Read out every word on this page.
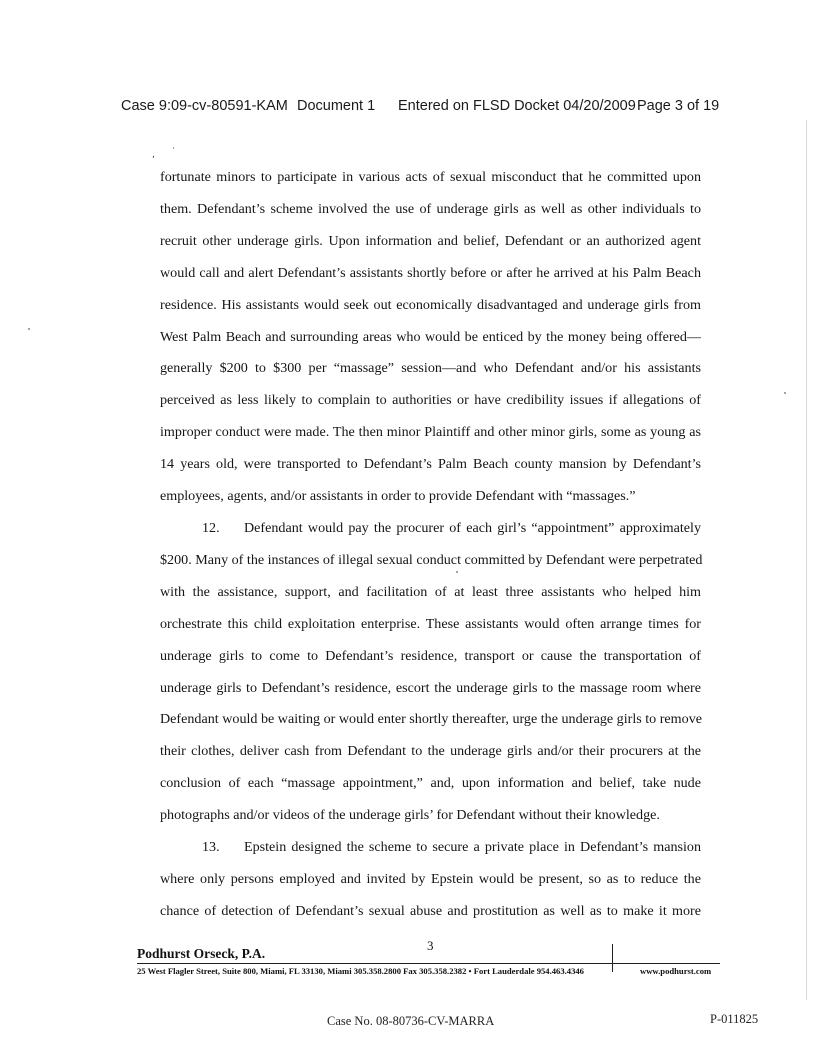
Case 9:09-cv-80591-KAM Document 1 Entered on FLSD Docket 04/20/2009 Page 3 of 19
,
·

fortunate minors to participate in various acts of sexual misconduct that he committed upon
them. Defendant’s scheme involved the use of underage girls as well as other individuals to
recruit other underage girls. Upon information and belief, Defendant or an authorized agent
would call and alert Defendant’s assistants shortly before or after he arrived at his Palm Beach
residence. His assistants would seek out economically disadvantaged and underage girls from
West Palm Beach and surrounding areas who would be enticed by the money being offered—
generally $200 to $300 per “massage” session—and who Defendant and/or his assistants
perceived as less likely to complain to authorities or have credibility issues if allegations of
improper conduct were made. The then minor Plaintiff and other minor girls, some as young as
14 years old, were transported to Defendant’s Palm Beach county mansion by Defendant’s
employees, agents, and/or assistants in order to provide Defendant with “massages.”

12. Defendant would pay the procurer of each girl’s “appointment” approximately
$200. Many of the instances of illegal sexual conduct committed by Defendant were perpetrated
with the assistance, support, and facilitation of at least three assistants who helped him
orchestrate this child exploitation enterprise. These assistants would often arrange times for
underage girls to come to Defendant’s residence, transport or cause the transportation of
underage girls to Defendant’s residence, escort the underage girls to the massage room where
Defendant would be waiting or would enter shortly thereafter, urge the underage girls to remove
their clothes, deliver cash from Defendant to the underage girls and/or their procurers at the
conclusion of each “massage appointment,” and, upon information and belief, take nude
photographs and/or videos of the underage girls’ for Defendant without their knowledge.

13. Epstein designed the scheme to secure a private place in Defendant’s mansion
where only persons employed and invited by Epstein would be present, so as to reduce the
chance of detection of Defendant’s sexual abuse and prostitution as well as to make it more

Podhurst Orseck, P.A.
3
25 West Flagler Street, Suite 800, Miami, FL 33130, Miami 305.358.2800 Fax 305.358.2382 • Fort Lauderdale 954.463.4346	www.podhurst.com
Case No. 08-80736-CV-MARRA	P-011825
